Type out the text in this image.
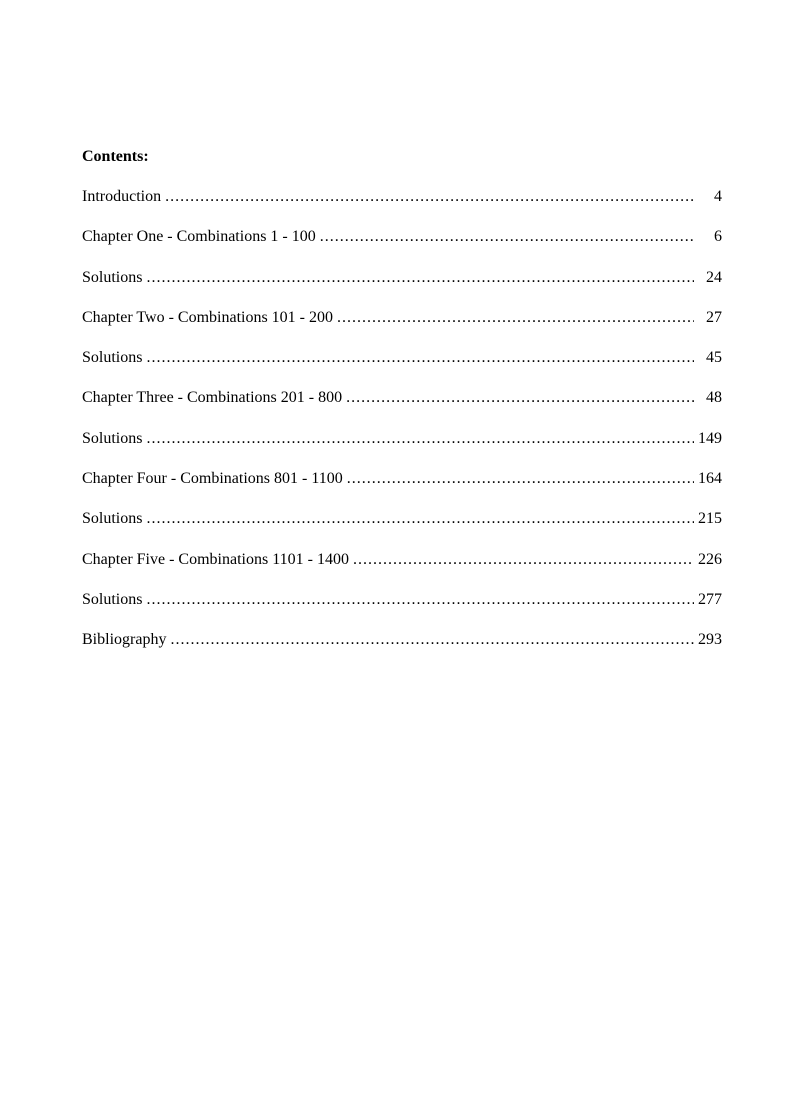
Contents:
Introduction .....	4
Chapter One - Combinations 1 - 100 .....	6
Solutions .....	24
Chapter Two - Combinations 101 - 200 .....	27
Solutions .....	45
Chapter Three - Combinations 201 - 800 .....	48
Solutions .....	149
Chapter Four - Combinations 801 - 1100 .....	164
Solutions .....	215
Chapter Five - Combinations 1101 - 1400 .....	226
Solutions .....	277
Bibliography .....	293
